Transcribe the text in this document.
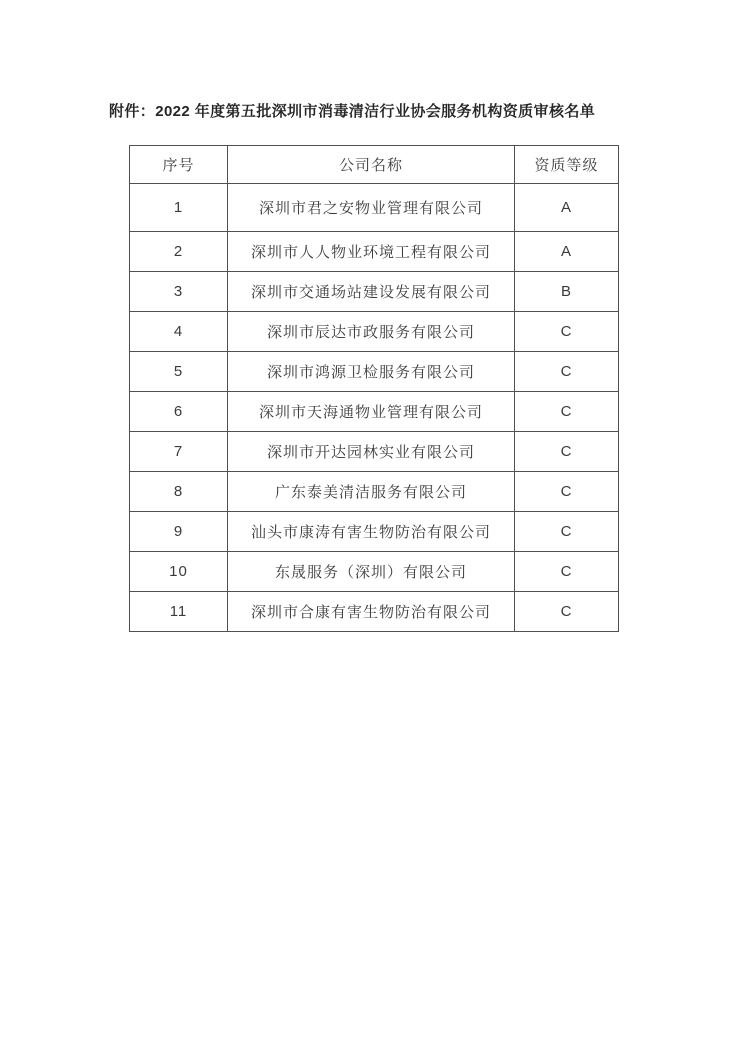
附件：2022 年度第五批深圳市消毒清洁行业协会服务机构资质审核名单
序号	公司名称	资质等级
1	深圳市君之安物业管理有限公司	A
2	深圳市人人物业环境工程有限公司	A
3	深圳市交通场站建设发展有限公司	B
4	深圳市辰达市政服务有限公司	C
5	深圳市鸿源卫检服务有限公司	C
6	深圳市天海通物业管理有限公司	C
7	深圳市开达园林实业有限公司	C
8	广东泰美清洁服务有限公司	C
9	汕头市康涛有害生物防治有限公司	C
10	东晟服务（深圳）有限公司	C
11	深圳市合康有害生物防治有限公司	C
